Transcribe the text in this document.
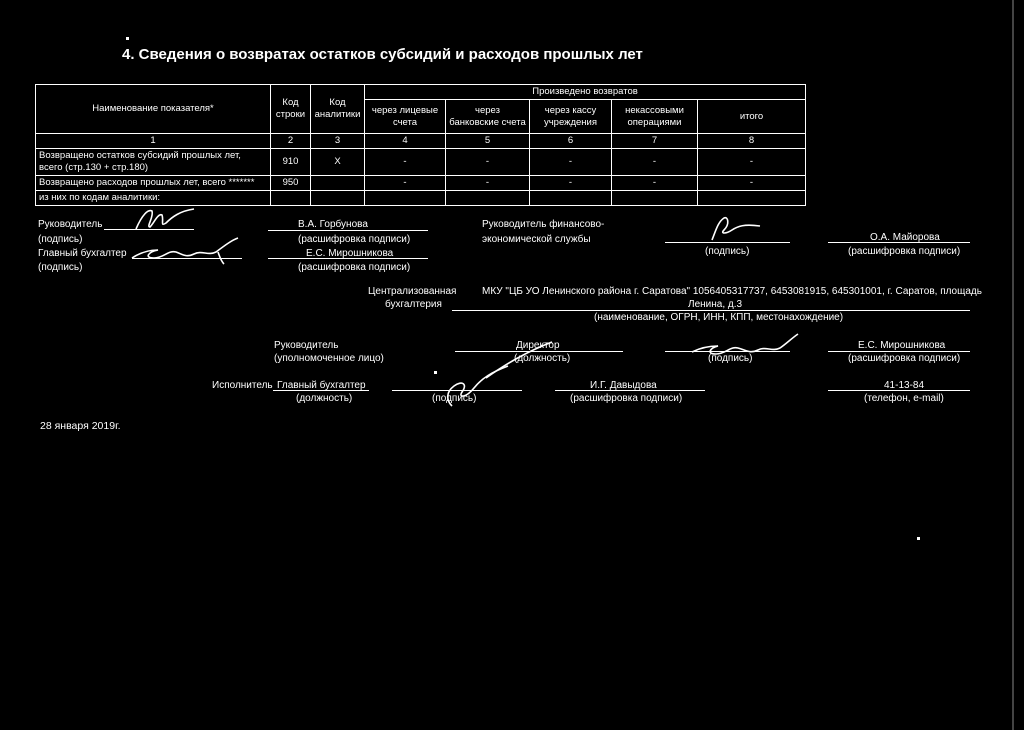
4. Сведения о возвратах остатков субсидий и расходов прошлых лет
Наименование показателя*	Код строки	Код аналитики	Произведено возвратов				
			через лицевые счета	через банковские счета	через кассу учреждения	некассовыми операциями	итого
1	2	3	4	5	6	7	8
Возвращено остатков субсидий прошлых лет, всего (стр.130 + стр.180)	910	X	-	-	-	-	-
Возвращено расходов прошлых лет, всего *******	950		-	-	-	-	-
из них по кодам аналитики:							
Руководитель
(подпись)
В.А. Горбунова
(расшифровка подписи)
Главный бухгалтер
(подпись)
Е.С. Мирошникова
(расшифровка подписи)
Руководитель финансово-
экономической службы
(подпись)
О.А. Майорова
(расшифровка подписи)
Централизованная
бухгалтерия
МКУ "ЦБ УО Ленинского района г. Саратова" 1056405317737, 6453081915, 645301001, г. Саратов, площадь
Ленина, д.3
(наименование, ОГРН, ИНН, КПП, местонахождение)
Руководитель
(уполномоченное лицо)
Директор
(должность)	(подпись)
Е.С. Мирошникова
(расшифровка подписи)
Исполнитель Главный бухгалтер
(должность)	(подпись)
И.Г. Давыдова
(расшифровка подписи)
41-13-84
(телефон, e-mail)
28 января 2019г.
